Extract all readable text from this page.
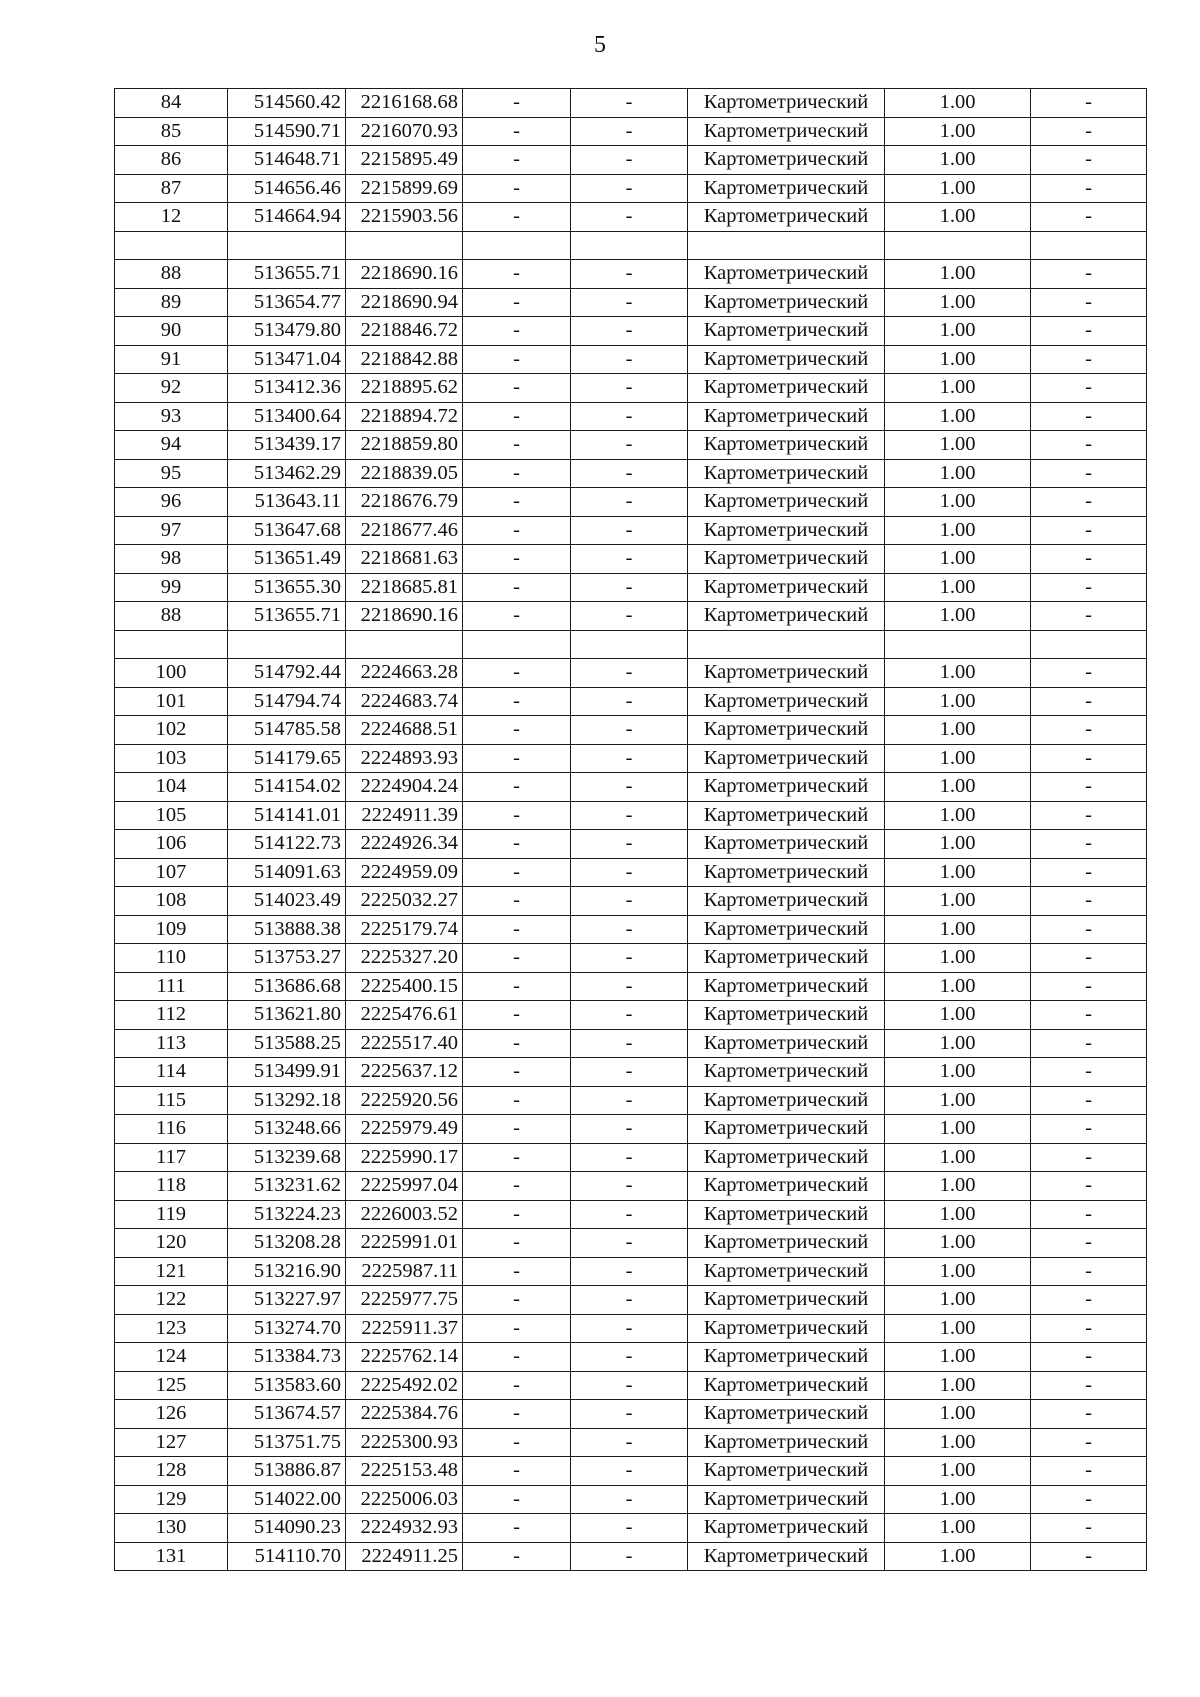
5
84	514560.42	2216168.68	-	-	Картометрический	1.00	-
85	514590.71	2216070.93	-	-	Картометрический	1.00	-
86	514648.71	2215895.49	-	-	Картометрический	1.00	-
87	514656.46	2215899.69	-	-	Картометрический	1.00	-
12	514664.94	2215903.56	-	-	Картометрический	1.00	-

88	513655.71	2218690.16	-	-	Картометрический	1.00	-
89	513654.77	2218690.94	-	-	Картометрический	1.00	-
90	513479.80	2218846.72	-	-	Картометрический	1.00	-
91	513471.04	2218842.88	-	-	Картометрический	1.00	-
92	513412.36	2218895.62	-	-	Картометрический	1.00	-
93	513400.64	2218894.72	-	-	Картометрический	1.00	-
94	513439.17	2218859.80	-	-	Картометрический	1.00	-
95	513462.29	2218839.05	-	-	Картометрический	1.00	-
96	513643.11	2218676.79	-	-	Картометрический	1.00	-
97	513647.68	2218677.46	-	-	Картометрический	1.00	-
98	513651.49	2218681.63	-	-	Картометрический	1.00	-
99	513655.30	2218685.81	-	-	Картометрический	1.00	-
88	513655.71	2218690.16	-	-	Картометрический	1.00	-

100	514792.44	2224663.28	-	-	Картометрический	1.00	-
101	514794.74	2224683.74	-	-	Картометрический	1.00	-
102	514785.58	2224688.51	-	-	Картометрический	1.00	-
103	514179.65	2224893.93	-	-	Картометрический	1.00	-
104	514154.02	2224904.24	-	-	Картометрический	1.00	-
105	514141.01	2224911.39	-	-	Картометрический	1.00	-
106	514122.73	2224926.34	-	-	Картометрический	1.00	-
107	514091.63	2224959.09	-	-	Картометрический	1.00	-
108	514023.49	2225032.27	-	-	Картометрический	1.00	-
109	513888.38	2225179.74	-	-	Картометрический	1.00	-
110	513753.27	2225327.20	-	-	Картометрический	1.00	-
111	513686.68	2225400.15	-	-	Картометрический	1.00	-
112	513621.80	2225476.61	-	-	Картометрический	1.00	-
113	513588.25	2225517.40	-	-	Картометрический	1.00	-
114	513499.91	2225637.12	-	-	Картометрический	1.00	-
115	513292.18	2225920.56	-	-	Картометрический	1.00	-
116	513248.66	2225979.49	-	-	Картометрический	1.00	-
117	513239.68	2225990.17	-	-	Картометрический	1.00	-
118	513231.62	2225997.04	-	-	Картометрический	1.00	-
119	513224.23	2226003.52	-	-	Картометрический	1.00	-
120	513208.28	2225991.01	-	-	Картометрический	1.00	-
121	513216.90	2225987.11	-	-	Картометрический	1.00	-
122	513227.97	2225977.75	-	-	Картометрический	1.00	-
123	513274.70	2225911.37	-	-	Картометрический	1.00	-
124	513384.73	2225762.14	-	-	Картометрический	1.00	-
125	513583.60	2225492.02	-	-	Картометрический	1.00	-
126	513674.57	2225384.76	-	-	Картометрический	1.00	-
127	513751.75	2225300.93	-	-	Картометрический	1.00	-
128	513886.87	2225153.48	-	-	Картометрический	1.00	-
129	514022.00	2225006.03	-	-	Картометрический	1.00	-
130	514090.23	2224932.93	-	-	Картометрический	1.00	-
131	514110.70	2224911.25	-	-	Картометрический	1.00	-
